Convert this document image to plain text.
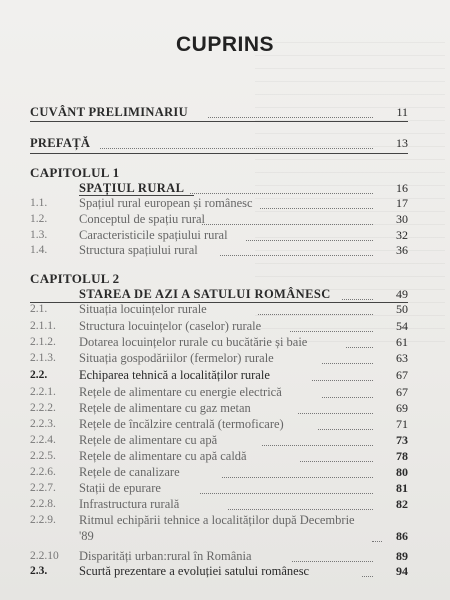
CUPRINS
CUVÂNT PRELIMINARIU	11
PREFAȚĂ	13
CAPITOLUL 1
SPAȚIUL RURAL	16
1.1.	Spațiul rural european și românesc	17
1.2.	Conceptul de spațiu rural	30
1.3.	Caracteristicile spațiului rural	32
1.4.	Structura spațiului rural	36
CAPITOLUL 2
STAREA DE AZI A SATULUI ROMÂNESC	49
2.1.	Situația locuințelor rurale	50
2.1.1. Structura locuințelor (caselor) rurale	54
2.1.2. Dotarea locuințelor rurale cu bucătărie și baie	61
2.1.3. Situația gospodăriilor (fermelor) rurale	63
2.2.	Echiparea tehnică a localităților rurale	67
2.2.1. Rețele de alimentare cu energie electrică	67
2.2.2. Rețele de alimentare cu gaz metan	69
2.2.3. Rețele de încălzire centrală (termoficare)	71
2.2.4. Rețele de alimentare cu apă	73
2.2.5. Rețele de alimentare cu apă caldă	78
2.2.6. Rețele de canalizare	80
2.2.7. Stații de epurare	81
2.2.8. Infrastructura rurală	82
2.2.9. Ritmul echipării tehnice a localităților după Decembrie
'89	86
2.2.10 Disparități urban:rural în România	89
2.3.	Scurtă prezentare a evoluției satului românesc	94
